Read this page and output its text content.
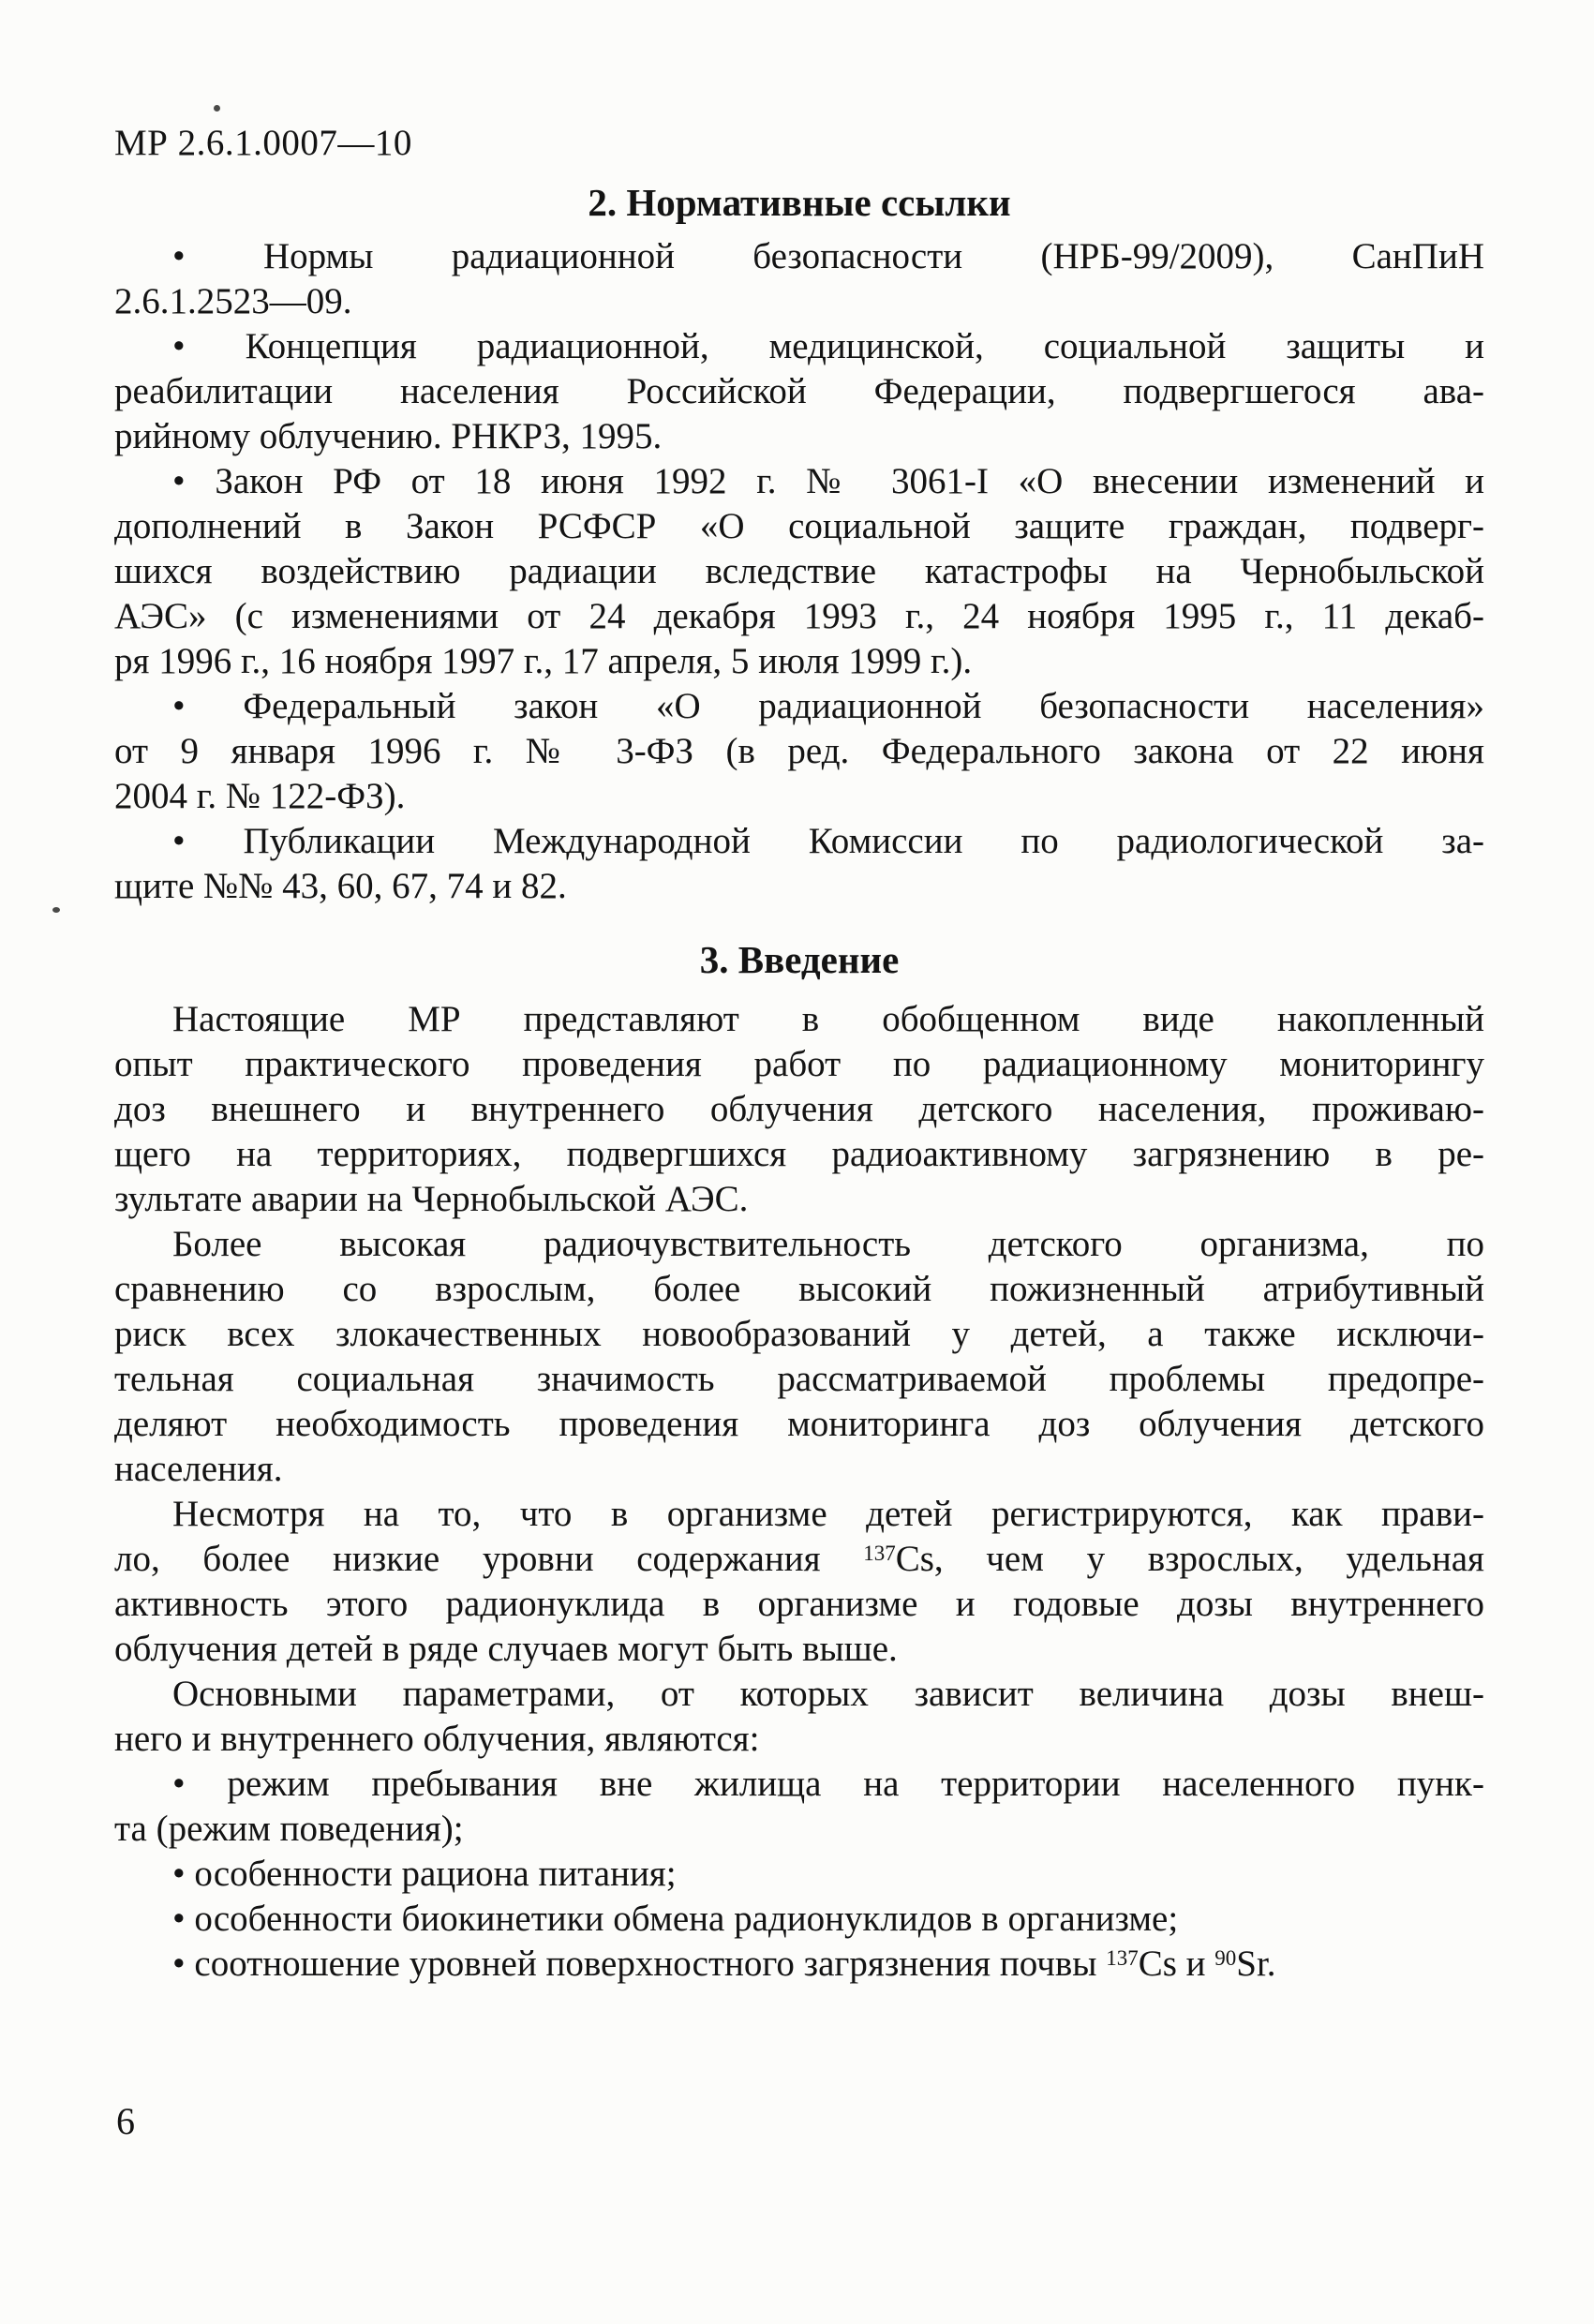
МР 2.6.1.0007—10
2. Нормативные ссылки
• Нормы радиационной безопасности (НРБ-99/2009), СанПиН
2.6.1.2523—09.
• Концепция радиационной, медицинской, социальной защиты и
реабилитации населения Российской Федерации, подвергшегося ава-
рийному облучению. РНКРЗ, 1995.
• Закон РФ от 18 июня 1992 г. № 3061-I «О внесении изменений и
дополнений в Закон РСФСР «О социальной защите граждан, подверг-
шихся воздействию радиации вследствие катастрофы на Чернобыльской
АЭС» (с изменениями от 24 декабря 1993 г., 24 ноября 1995 г., 11 декаб-
ря 1996 г., 16 ноября 1997 г., 17 апреля, 5 июля 1999 г.).
• Федеральный закон «О радиационной безопасности населения»
от 9 января 1996 г. № 3-ФЗ (в ред. Федерального закона от 22 июня
2004 г. № 122-ФЗ).
• Публикации Международной Комиссии по радиологической за-
щите №№ 43, 60, 67, 74 и 82.
3. Введение
Настоящие МР представляют в обобщенном виде накопленный
опыт практического проведения работ по радиационному мониторингу
доз внешнего и внутреннего облучения детского населения, проживаю-
щего на территориях, подвергшихся радиоактивному загрязнению в ре-
зультате аварии на Чернобыльской АЭС.
Более высокая радиочувствительность детского организма, по
сравнению со взрослым, более высокий пожизненный атрибутивный
риск всех злокачественных новообразований у детей, а также исключи-
тельная социальная значимость рассматриваемой проблемы предопре-
деляют необходимость проведения мониторинга доз облучения детского
населения.
Несмотря на то, что в организме детей регистрируются, как прави-
ло, более низкие уровни содержания $^{137}$Cs, чем у взрослых, удельная
активность этого радионуклида в организме и годовые дозы внутреннего
облучения детей в ряде случаев могут быть выше.
Основными параметрами, от которых зависит величина дозы внеш-
него и внутреннего облучения, являются:
• режим пребывания вне жилища на территории населенного пунк-
та (режим поведения);
• особенности рациона питания;
• особенности биокинетики обмена радионуклидов в организме;
• соотношение уровней поверхностного загрязнения почвы $^{137}$Cs и $^{90}$Sr.
6
